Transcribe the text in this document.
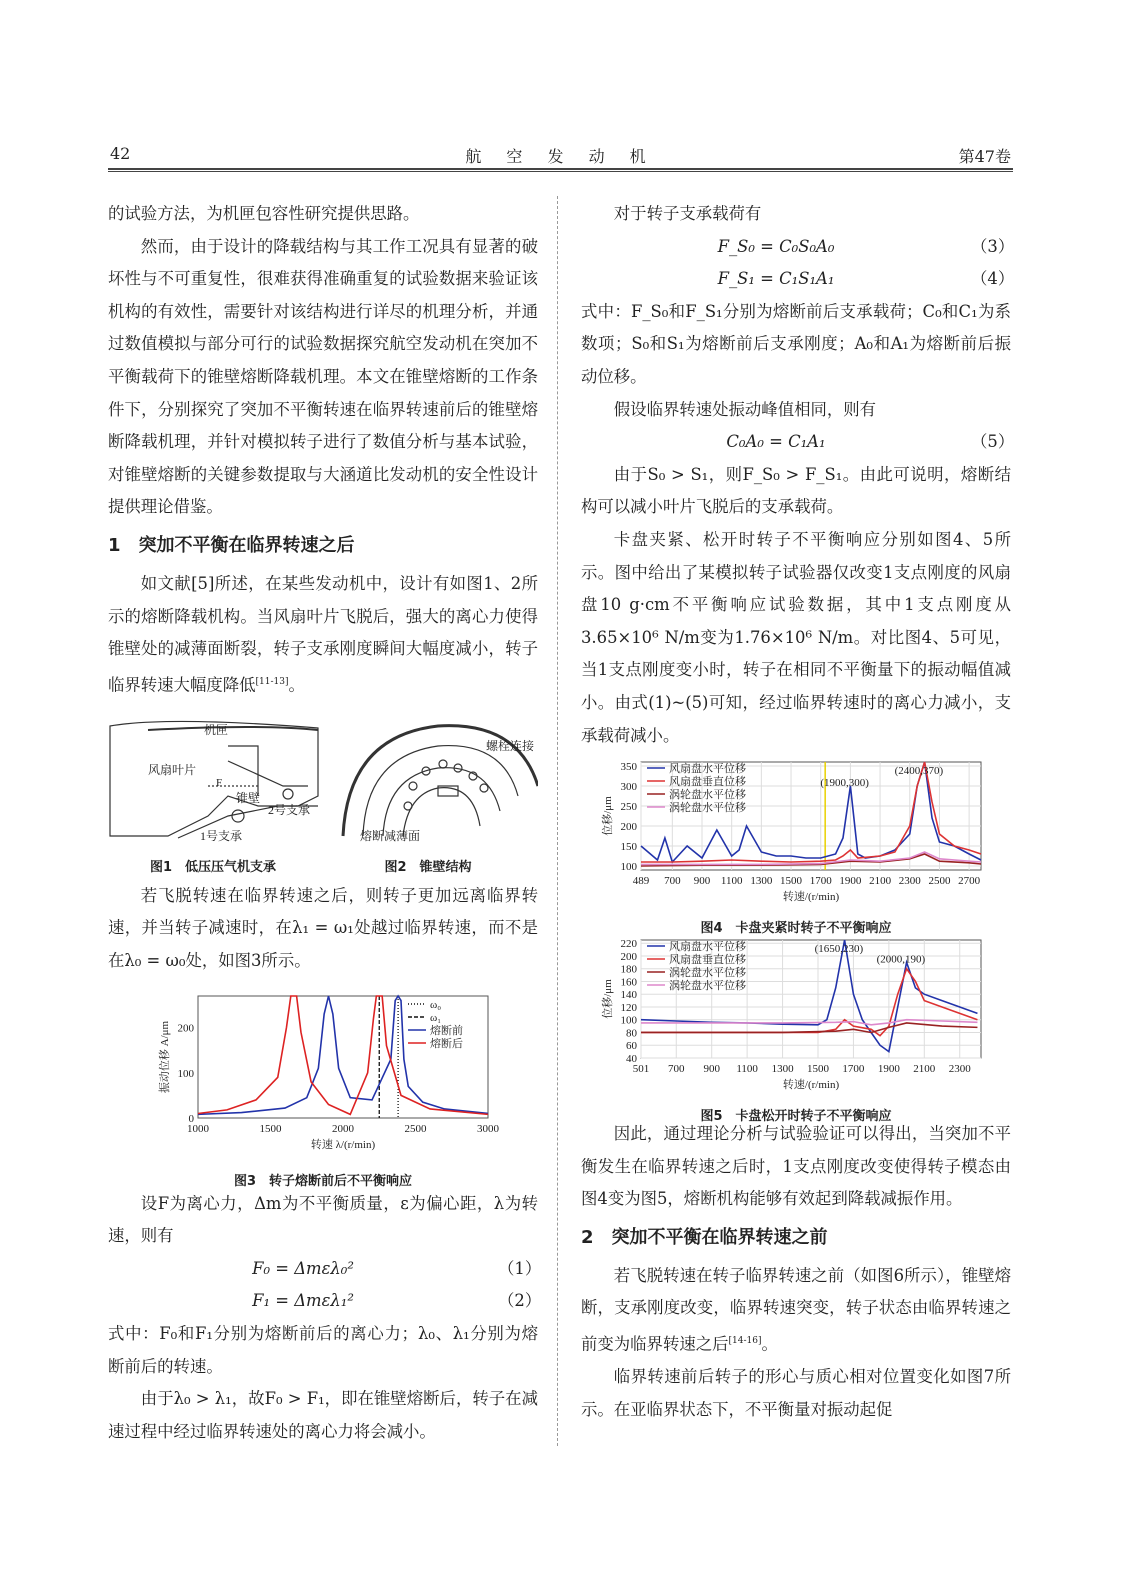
42	航 空 发 动 机	第47卷

的试验方法，为机匣包容性研究提供思路。

然而，由于设计的降载结构与其工作工况具有显著的破坏性与不可重复性，很难获得准确重复的试验数据来验证该机构的有效性，需要针对该结构进行详尽的机理分析，并通过数值模拟与部分可行的试验数据探究航空发动机在突加不平衡载荷下的锥壁熔断降载机理。本文在锥壁熔断的工作条件下，分别探究了突加不平衡转速在临界转速前后的锥壁熔断降载机理，并针对模拟转子进行了数值分析与基本试验，对锥壁熔断的关键参数提取与大涵道比发动机的安全性设计提供理论借鉴。

1　突加不平衡在临界转速之后

如文献[5]所述，在某些发动机中，设计有如图1、2所示的熔断降载机构。当风扇叶片飞脱后，强大的离心力使得锥壁处的减薄面断裂，转子支承刚度瞬间大幅度减小，转子临界转速大幅度降低[11-13]。

机匣
风扇叶片
F
锥壁
2号支承
1号支承
螺栓连接
熔断减薄面
图1　低压压气机支承	图2　锥壁结构

若飞脱转速在临界转速之后，则转子更加远离临界转速，并当转子减速时，在λ₁ = ω₁处越过临界转速，而不是在λ₀ = ω₀处，如图3所示。

0
100
200
1000	1500	2000	2500	3000
转速 λ/(r/min)
振动位移 A/μm
ω₀
ω₁
熔断前
熔断后
图3　转子熔断前后不平衡响应

设F为离心力，Δm为不平衡质量，ε为偏心距，λ为转速，则有

F₀ = Δmελ₀²	（1）
F₁ = Δmελ₁²	（2）

式中：F₀和F₁分别为熔断前后的离心力；λ₀、λ₁分别为熔断前后的转速。

由于λ₀ > λ₁，故F₀ > F₁，即在锥壁熔断后，转子在减速过程中经过临界转速处的离心力将会减小。

对于转子支承载荷有

F_S₀ = C₀S₀A₀	（3）
F_S₁ = C₁S₁A₁	（4）

式中：F_S₀和F_S₁分别为熔断前后支承载荷；C₀和C₁为系数项；S₀和S₁为熔断前后支承刚度；A₀和A₁为熔断前后振动位移。

假设临界转速处振动峰值相同，则有

C₀A₀ = C₁A₁	（5）

由于S₀ > S₁，则F_S₀ > F_S₁。由此可说明，熔断结构可以减小叶片飞脱后的支承载荷。

卡盘夹紧、松开时转子不平衡响应分别如图4、5所示。图中给出了某模拟转子试验器仅改变1支点刚度的风扇盘10 g·cm不平衡响应试验数据，其中1支点刚度从3.65×10⁶ N/m变为1.76×10⁶ N/m。对比图4、5可见，当1支点刚度变小时，转子在相同不平衡量下的振动幅值减小。由式(1)~(5)可知，经过临界转速时的离心力减小，支承载荷减小。

100
150
200
250
300
350
489 700 900 1100 1300 1500 1700 1900 2100 2300 2500 2700
转速/(r/min)
位移/μm
(1900,300)
(2400,370)
风扇盘水平位移
风扇盘垂直位移
涡轮盘水平位移
涡轮盘水平位移
图4　卡盘夹紧时转子不平衡响应
40
60
80
100
120
140
160
180
200
220
501 700 900 1100 1300 1500 1700 1900 2100 2300
转速/(r/min)
位移/μm
(1650,230)
(2000,190)
风扇盘水平位移
风扇盘垂直位移
涡轮盘水平位移
涡轮盘水平位移
图5　卡盘松开时转子不平衡响应

因此，通过理论分析与试验验证可以得出，当突加不平衡发生在临界转速之后时，1支点刚度改变使得转子模态由图4变为图5，熔断机构能够有效起到降载减振作用。

2　突加不平衡在临界转速之前

若飞脱转速在转子临界转速之前（如图6所示），锥壁熔断，支承刚度改变，临界转速突变，转子状态由临界转速之前变为临界转速之后[14-16]。

临界转速前后转子的形心与质心相对位置变化如图7所示。在亚临界状态下，不平衡量对振动起促
